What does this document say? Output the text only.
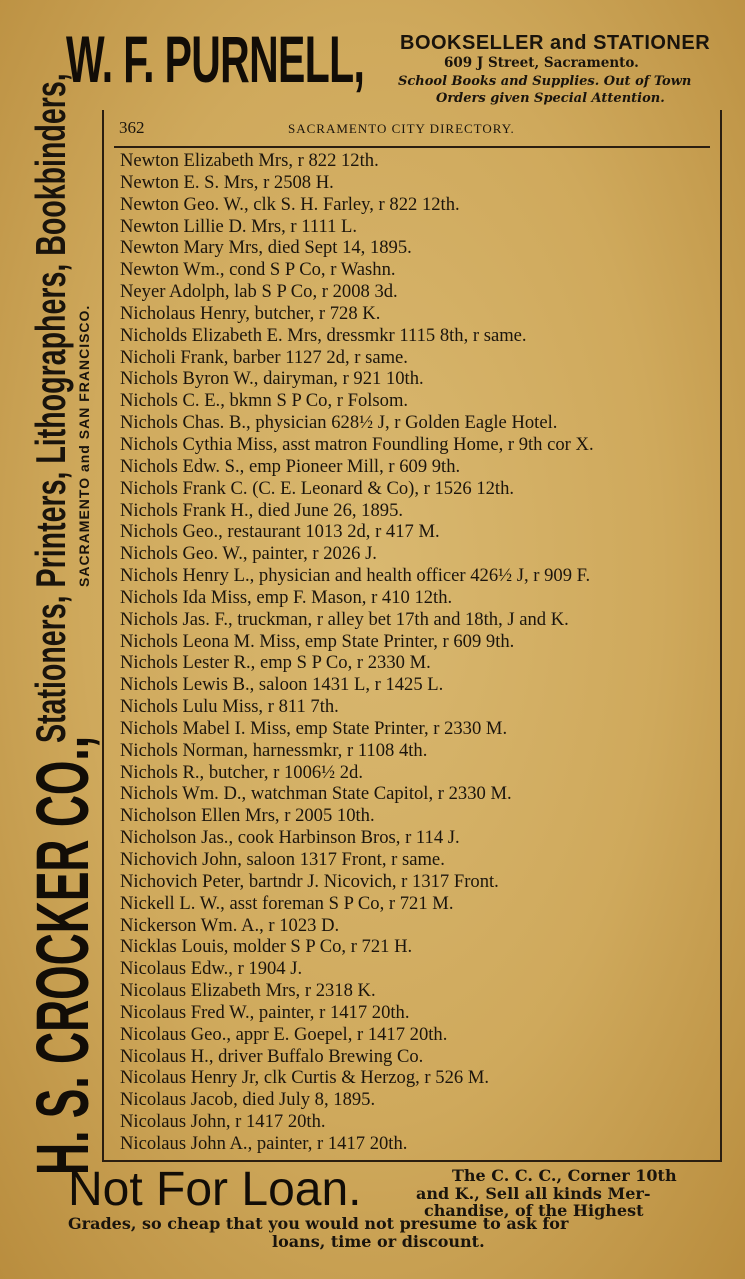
W. F. PURNELL, BOOKSELLER and STATIONER
609 J Street, Sacramento.
School Books and Supplies. Out of Town
Orders given Special Attention.
H. S. CROCKER CO.,
Stationers, Printers, Lithographers, Bookbinders, SACRAMENTO and SAN FRANCISCO.
362	SACRAMENTO CITY DIRECTORY.
Newton Elizabeth Mrs, r 822 12th.
Newton E. S. Mrs, r 2508 H.
Newton Geo. W., clk S. H. Farley, r 822 12th.
Newton Lillie D. Mrs, r 1111 L.
Newton Mary Mrs, died Sept 14, 1895.
Newton Wm., cond S P Co, r Washn.
Neyer Adolph, lab S P Co, r 2008 3d.
Nicholaus Henry, butcher, r 728 K.
Nicholds Elizabeth E. Mrs, dressmkr 1115 8th, r same.
Nicholi Frank, barber 1127 2d, r same.
Nichols Byron W., dairyman, r 921 10th.
Nichols C. E., bkmn S P Co, r Folsom.
Nichols Chas. B., physician 628½ J, r Golden Eagle Hotel.
Nichols Cythia Miss, asst matron Foundling Home, r 9th cor X.
Nichols Edw. S., emp Pioneer Mill, r 609 9th.
Nichols Frank C. (C. E. Leonard & Co), r 1526 12th.
Nichols Frank H., died June 26, 1895.
Nichols Geo., restaurant 1013 2d, r 417 M.
Nichols Geo. W., painter, r 2026 J.
Nichols Henry L., physician and health officer 426½ J, r 909 F.
Nichols Ida Miss, emp F. Mason, r 410 12th.
Nichols Jas. F., truckman, r alley bet 17th and 18th, J and K.
Nichols Leona M. Miss, emp State Printer, r 609 9th.
Nichols Lester R., emp S P Co, r 2330 M.
Nichols Lewis B., saloon 1431 L, r 1425 L.
Nichols Lulu Miss, r 811 7th.
Nichols Mabel I. Miss, emp State Printer, r 2330 M.
Nichols Norman, harnessmkr, r 1108 4th.
Nichols R., butcher, r 1006½ 2d.
Nichols Wm. D., watchman State Capitol, r 2330 M.
Nicholson Ellen Mrs, r 2005 10th.
Nicholson Jas., cook Harbinson Bros, r 114 J.
Nichovich John, saloon 1317 Front, r same.
Nichovich Peter, bartndr J. Nicovich, r 1317 Front.
Nickell L. W., asst foreman S P Co, r 721 M.
Nickerson Wm. A., r 1023 D.
Nicklas Louis, molder S P Co, r 721 H.
Nicolaus Edw., r 1904 J.
Nicolaus Elizabeth Mrs, r 2318 K.
Nicolaus Fred W., painter, r 1417 20th.
Nicolaus Geo., appr E. Goepel, r 1417 20th.
Nicolaus H., driver Buffalo Brewing Co.
Nicolaus Henry Jr, clk Curtis & Herzog, r 526 M.
Nicolaus Jacob, died July 8, 1895.
Nicolaus John, r 1417 20th.
Nicolaus John A., painter, r 1417 20th.
Not For Loan.	The C. C. C., Corner 10th
and K., Sell all kinds Mer-
chandise, of the Highest
Grades, so cheap that you would not presume to ask for
loans, time or discount.
